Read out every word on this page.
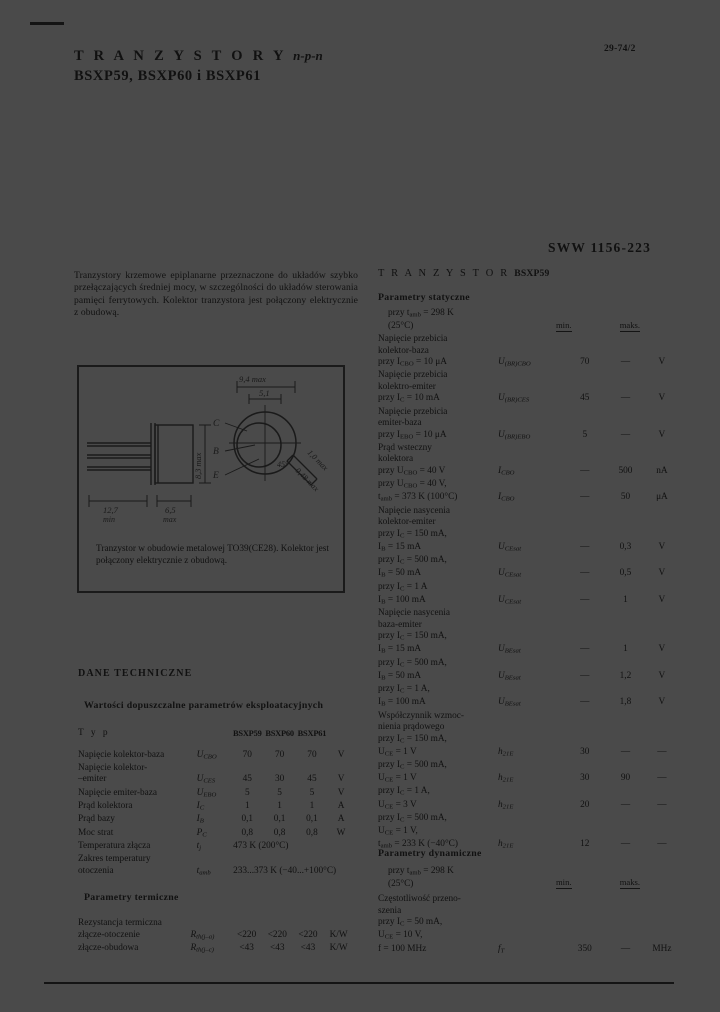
T R A N Z Y S T O R Y n-p-n
BSXP59, BSXP60 i BSXP61
29-74/2
SWW 1156-223
Tranzystory krzemowe epiplanarne przeznaczone do układów szybko przełączających średniej mocy, w szczególności do układów sterowania pamięci ferrytowych. Kolektor tranzystora jest połączony elektrycznie z obudową.
12,7
min
6,5
max
8,3 max
9,4 max
5,1
C
B
E	0,48 max
1,0 max
45°
Tranzystor w obudowie metalowej TO39(CE28). Kolektor jest połączony elektrycznie z obudową.
DANE TECHNICZNE
Wartości dopuszczalne parametrów eksploatacyjnych
T y p		BSXP59	BSXP60	BSXP61	
Napięcie kolektor-baza	$U_{CBO}$	70	70	70	V
Napięcie kolektor-					
–emiter	$U_{CES}$	45	30	45	V
Napięcie emiter-baza	$U_{EBO}$	5	5	5	V
Prąd kolektora	$I_C$	1	1	1	A
Prąd bazy	$I_B$	0,1	0,1	0,1	A
Moc strat	$P_C$	0,8	0,8	0,8	W
Temperatura złącza	$t_j$	473 K (200°C)			
Zakres temperatury					
otoczenia	$t_{amb}$	233...373 K (−40...+100°C)			
Parametry termiczne
Rezystancja termiczna					
złącze-otoczenie	$R_{th(j-a)}$	<220	<220	<220	K/W
złącze-obudowa	$R_{th(j-c)}$	<43	<43	<43	K/W
T R A N Z Y S T O R BSXP59
Parametry statyczne
przy $t_{amb} = 298$ K
(25°C)	min.	maks.
Napięcie przebicia				
kolektor-baza				
przy $I_{CBO} = 10$ μA	$U_{(BR)CBO}$	70	—	V
Napięcie przebicia				
kolektro-emiter				
przy $I_C = 10$ mA	$U_{(BR)CES}$	45	—	V
Napięcie przebicia				
emiter-baza				
przy $I_{EBO} = 10$ μA	$U_{(BR)EBO}$	5	—	V
Prąd wsteczny				
kolektora				
przy $U_{CBO} = 40$ V	$I_{CBO}$	—	500	nA
przy $U_{CBO} = 40$ V,				
$t_{amb} = 373$ K (100°C)	$I_{CBO}$	—	50	μA
Napięcie nasycenia				
kolektor-emiter				
przy $I_C = 150$ mA,				
$I_B = 15$ mA	$U_{CEsat}$	—	0,3	V
przy $I_C = 500$ mA,				
$I_B = 50$ mA	$U_{CEsat}$	—	0,5	V
przy $I_C = 1$ A				
$I_B = 100$ mA	$U_{CEsat}$	—	1	V
Napięcie nasycenia				
baza-emiter				
przy $I_C = 150$ mA,				
$I_B = 15$ mA	$U_{BEsat}$	—	1	V
przy $I_C = 500$ mA,				
$I_B = 50$ mA	$U_{BEsat}$	—	1,2	V
przy $I_C = 1$ A,				
$I_B = 100$ mA	$U_{BEsat}$	—	1,8	V
Współczynnik wzmoc-				
nienia prądowego				
przy $I_C = 150$ mA,				
$U_{CE} = 1$ V	$h_{21E}$	30	—	—
przy $I_C = 500$ mA,				
$U_{CE} = 1$ V	$h_{21E}$	30	90	—
przy $I_C = 1$ A,				
$U_{CE} = 3$ V	$h_{21E}$	20	—	—
przy $I_C = 500$ mA,				
$U_{CE} = 1$ V,				
$t_{amb} = 233$ K (−40°C)	$h_{21E}$	12	—	—
Parametry dynamiczne
przy $t_{amb} = 298$ K
(25°C)	min.	maks.
Częstotliwość przeno-				
szenia				
przy $I_C = 50$ mA,				
$U_{CE} = 10$ V,				
f = 100 MHz	$f_T$	350	—	MHz
